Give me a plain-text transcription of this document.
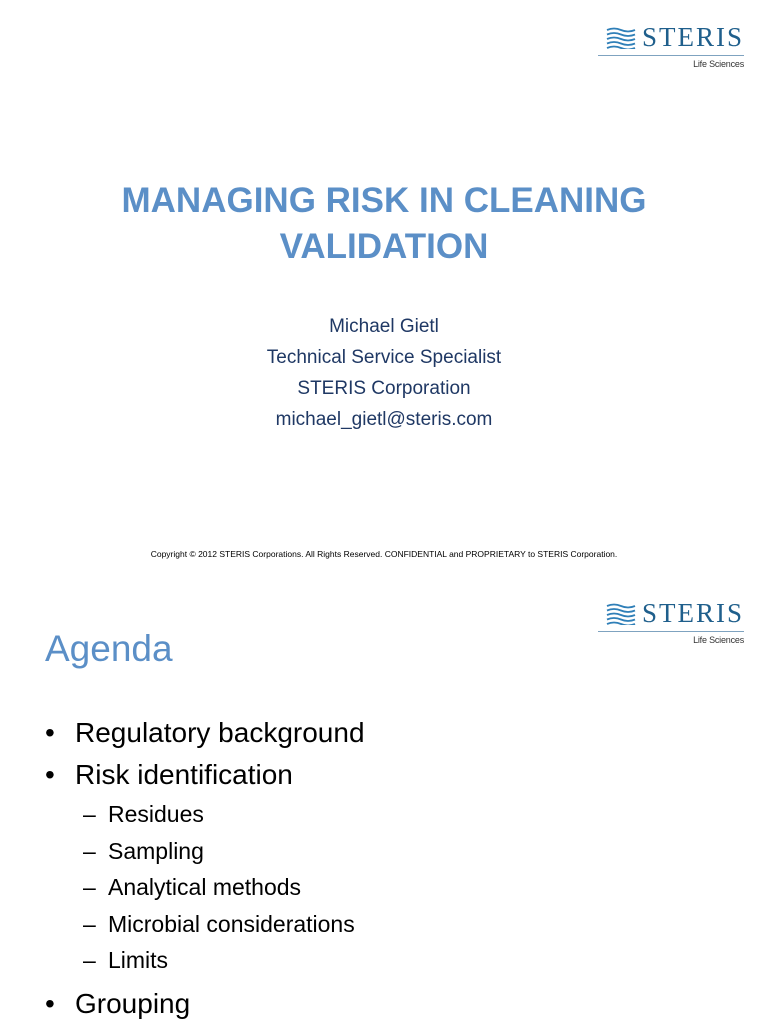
STERIS
Life Sciences
MANAGING RISK IN CLEANING VALIDATION
Michael Gietl
Technical Service Specialist
STERIS Corporation
michael_gietl@steris.com
Copyright © 2012 STERIS Corporations. All Rights Reserved. CONFIDENTIAL and PROPRIETARY to STERIS Corporation.
STERIS
Life Sciences
Agenda
• Regulatory background
• Risk identification
– Residues
– Sampling
– Analytical methods
– Microbial considerations
– Limits
• Grouping
